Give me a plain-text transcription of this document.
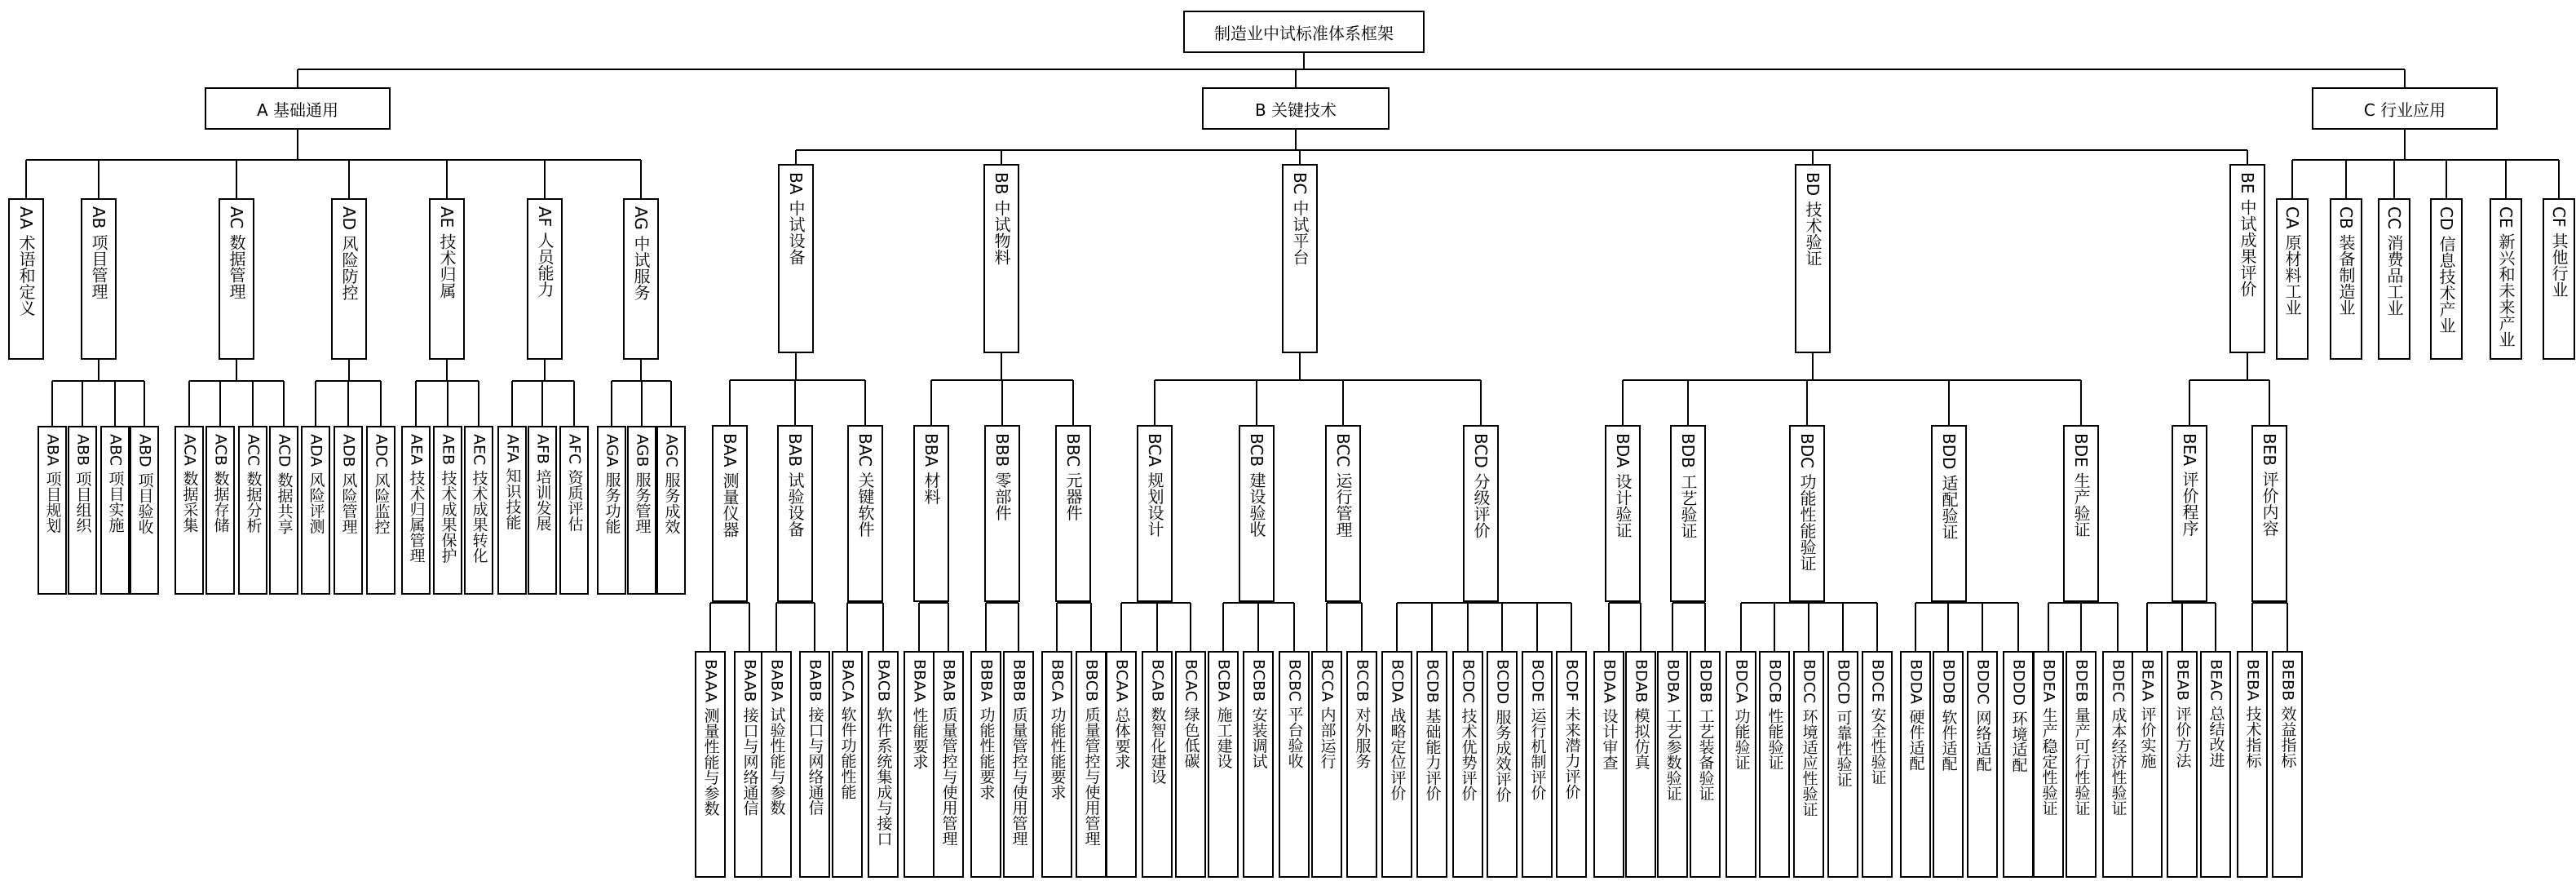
制造业中试标准体系框架
A 基础通用	B 关键技术	C 行业应用
AA 术语和定义	AB 项目管理
ABA 项目规划 ABB 项目组织 ABC 项目实施 ABD 项目验收
AC 数据管理
ACA 数据采集 ACB 数据存储 ACC 数据分析 ACD 数据共享
AD 风险防控
ADA 风险评测 ADB 风险管理 ADC 风险监控
AE 技术归属
AEA 技术归属管理 AEB 技术成果保护 AEC 技术成果转化
AF 人员能力
AFA 知识技能 AFB 培训发展 AFC 资质评估
AG 中试服务
AGA 服务功能 AGB 服务管理 AGC 服务成效
BA 中试设备
BAA 测量仪器
BAAA 测量性能与参数 BAAB 接口与网络通信
BAB 试验设备
BABA 试验性能与参数 BABB 接口与网络通信
BAC 关键软件
BACA 软件功能性能 BACB 软件系统集成与接口
BB 中试物料
BBA 材料
BBAA 性能要求 BBAB 质量管控与使用管理
BBB 零部件
BBBA 功能性能要求 BBBB 质量管控与使用管理
BBC 元器件
BBCA 功能性能要求 BBCB 质量管控与使用管理
BC 中试平台
BCA 规划设计
BCAA 总体要求 BCAB 数智化建设 BCAC 绿色低碳
BCB 建设验收
BCBA 施工建设 BCBB 安装调试 BCBC 平台验收
BCC 运行管理
BCCA 内部运行 BCCB 对外服务
BCD 分级评价
BCDA 战略定位评价 BCDB 基础能力评价 BCDC 技术优势评价 BCDD 服务成效评价 BCDE 运行机制评价 BCDF 未来潜力评价
BD 技术验证
BDA 设计验证
BDAA 设计审查 BDAB 模拟仿真
BDB 工艺验证
BDBA 工艺参数验证 BDBB 工艺装备验证
BDC 功能性能验证
BDCA 功能验证 BDCB 性能验证 BDCC 环境适应性验证 BDCD 可靠性验证 BDCE 安全性验证
BDD 适配验证
BDDA 硬件适配 BDDB 软件适配 BDDC 网络适配 BDDD 环境适配
BDE 生产验证
BDEA 生产稳定性验证 BDEB 量产可行性验证 BDEC 成本经济性验证
BE 中试成果评价
BEA 评价程序
BEAA 评价实施 BEAB 评价方法 BEAC 总结改进
BEB 评价内容
BEBA 技术指标 BEBB 效益指标
CA 原材料工业 CB 装备制造业 CC 消费品工业 CD 信息技术产业 CE 新兴和未来产业 CF 其他行业
